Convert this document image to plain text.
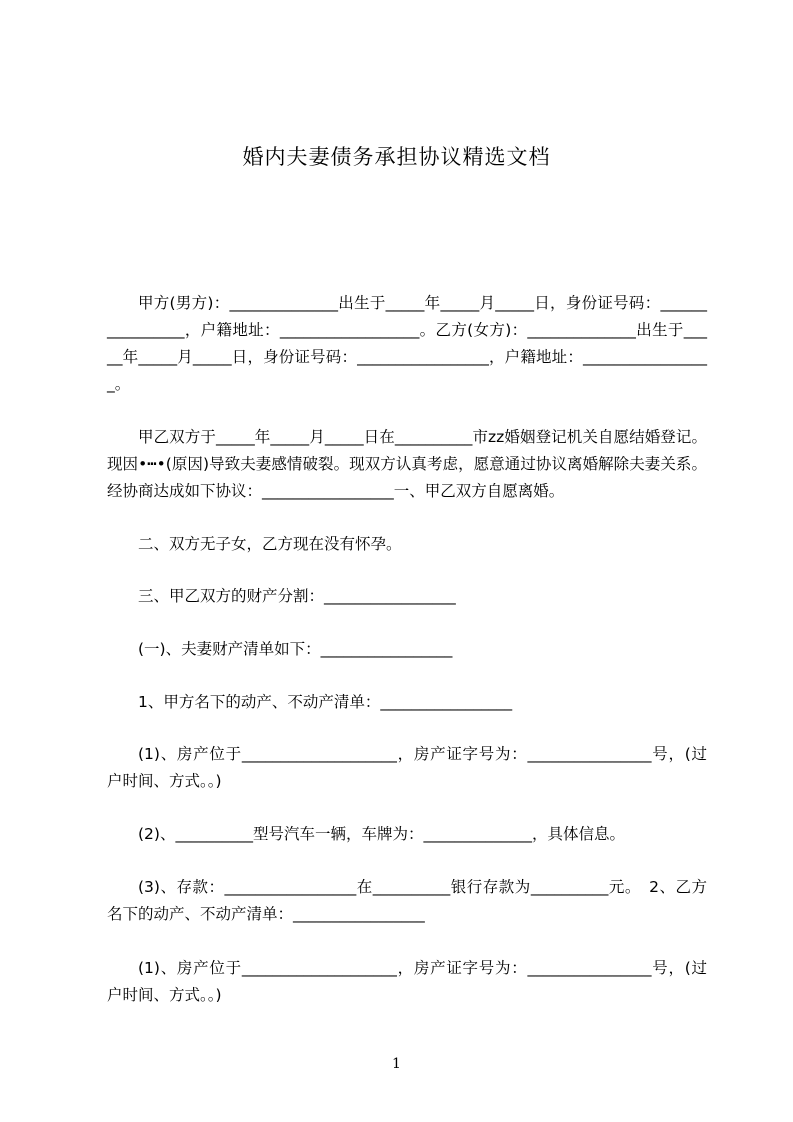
婚内夫妻债务承担协议精选文档

甲方(男方)：______________出生于_____年_____月_____日，身份证号码：________________，户籍地址：__________________。乙方(女方)：______________出生于_____年_____月_____日，身份证号码：_________________，户籍地址：_________________。

甲乙双方于_____年_____月_____日在__________市zz婚姻登记机关自愿结婚登记。现因•┅•(原因)导致夫妻感情破裂。现双方认真考虑，愿意通过协议离婚解除夫妻关系。经协商达成如下协议：_________________一、甲乙双方自愿离婚。

二、双方无子女，乙方现在没有怀孕。

三、甲乙双方的财产分割：_________________

(一)、夫妻财产清单如下：_________________

1、甲方名下的动产、不动产清单：_________________

(1)、房产位于____________________，房产证字号为：________________号，(过户时间、方式。。)

(2)、__________型号汽车一辆，车牌为：______________，具体信息。

(3)、存款：_________________在__________银行存款为__________元。　2、乙方名下的动产、不动产清单：_________________

(1)、房产位于____________________，房产证字号为：________________号，(过户时间、方式。。)

1
